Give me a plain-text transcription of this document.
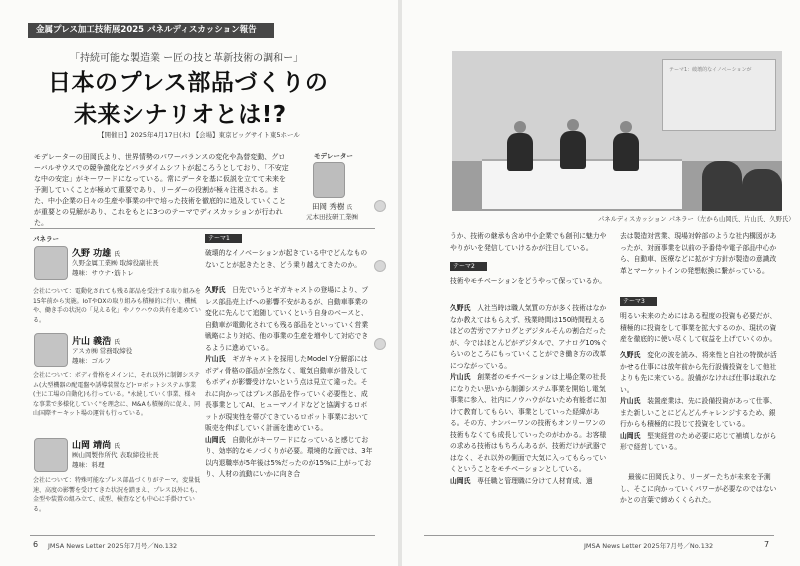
金属プレス加工技術展2025 パネルディスカッション報告
「持続可能な製造業 ー匠の技と革新技術の調和ー」
日本のプレス部品づくりの
未来シナリオとは!?
【開催日】2025年4月17日(木) 【会場】東京ビッグサイト東5ホール
モデレーターの田岡氏より、世界情勢のパワーバランスの変化や為替変動、グローバルサウスでの競争激化などパラダイムシフトが起ころうとしており、「不安定な中の安定」がキーワードになっている。常にデータを基に仮説を立てて未来を予測していくことが極めて重要であり、リーダーの役割が極々注視される。また、中小企業の日々の生産や事業の中で培った技術を徹底的に追及していくことが重要との見解があり、これをもとに3つのテーマでディスカッションが行われた。
モデレーター
田岡 秀樹 氏
元本田技研工業㈱
パネラー
久野 功雄 氏
久野金属工業㈱ 取締役副社長
趣味：サウナ･筋トレ
会社について：電動化されても残る部品を受注する取り組みを15年前から実施。IoTやDXの取り組みも積極的に行い、機械や、働き手の状況の「見える化」やノウハウの共有を進めている。
片山 義浩 氏
アスカ㈱ 常務取締役
趣味：ゴルフ
会社について：ボディ骨格をメインに、それ以外に制御システム(大型機器の配電盤や誘導装置など)･ロボットシステム事業(主に工場の自動化)も行っている。"永続していく事業、様々な事業で多様化していく"を理念に、M&Aも積極的に促え、同山国際サーキット場の運営も行っている。
山岡 靖尚 氏
㈱山岡製作所代 表取締役社長
趣味：料理
会社について：特殊可能なプレス部品づくりがテーマ。変量低速、高度の影響を受けてきた状況を踏まえ、プレス以外にも、金型や装置の組み立て、成型、検査なども中心に手掛けている。
テーマ1
破壊的なイノベーションが起きている中でどんなものないことが起きたとき、どう乗り越えてきたのか。
久野氏　 日先でいうとギガキャストの登場により、プレス部品売上げへの影響不安があるが、自動車事業の変化に先んじて追随していくという自身のベースと、自動車が電動化されても残る部品をといっていく営業戦略により対応、他の事業の生産を増やして対応できるように進めている。
片山氏　 ギガキャストを採用したModel Y分解部にはボディ骨格の部品が全然なく、電気自動車が普及してもボディが影響受けないという点は見立て違った。それに向かってはプレス部品を作っていく必要性と、成長事業としてAI、ヒューマノイドなどと協調するロボットが現実性を帯びてきているロボット事業において販売を伸ばしていく計画を進めている。
山岡氏　 自動化がキーワードになっていると感じており、効率的なモノづくりが必要。環境的な面では、3年以内退職率が5年後は5%だったのが15%に上がっており、人材の流動にいかに向き合
6 JMSA News Letter 2025年7月号／No.132
テーマ1：破壊的なイノベーションが
パネルディスカッション パネラー（左から山岡氏、片山氏、久野氏）
うか、技術の継承も含め中小企業でも創刊に魅力ややりがいを発信していけるかが注目している。
テーマ2
技術やモチベーションをどうやって保っているか。
久野氏　 人社当時は職人気質の方が多く技術はなかなか教えてはもらえず、残業時間は150時間程えるほどの苦労でアナログとデジタルそんの割合だったが、今ではほとんどがデジタルで、アナログ10%ぐらいのところにもっていくことができ働き方の改革につながっている。
片山氏　 創業者のモチベーションは上場企業の社長になりたい思いから制御システム事業を開始し電気事業に参入、社内にノウハウがないため有能者に加けて教育してもらい、事業としていった経緯がある。その方、ナンバーワンの技術もオンリーワンの技術もなくても成長していったのがわかる。お客様の求める技術はもちろんあるが、技術だけが武器ではなく、それ以外の側面で大気に入ってもらっていくということをモチベーションとしている。
山岡氏　 専任職と管理職に分けて人材育成、過
去は製造対営業、現場対幹部のような社内構図があったが、対面事業を以前の予番侍や電子部品中心から、自動車、医療などに拡がす方針が製造の意識改革とマーケットインの発想転換に繋がっている。
テーマ3
明るい未来のためにはある程度の投資も必要だが、積極的に投資をして事業を拡大するのか、現状の資産を徹底的に使い尽くして収益を上げていくのか。
久野氏　 変化の波を読み、将来性と自社の特徴が活かせる仕事には放年前から先行設備投資をして他社よりも先に来ている。設備がなければ仕事は取れない。
片山氏　 装置産業は、先に設備投資があって仕事、また新しいことにどんどんチャレンジするため、銀行からも積極的に投じて投資をしている。
山岡氏　 堅実経営のため必要に応じて補填しながら形で経営している。
最後に田岡氏より、リーダーたちが未来を予測し、そこに向かっていくパワーが必要なのではないかとの言葉で締めくくられた。
JMSA News Letter 2025年7月号／No.132	7
